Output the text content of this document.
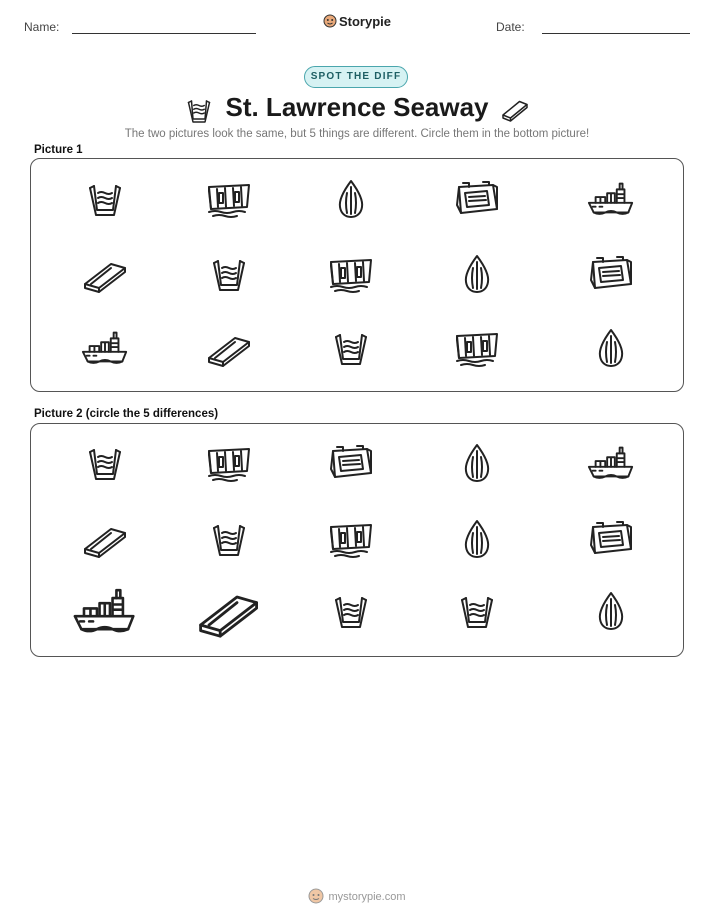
Name:	Storypie	Date:
SPOT THE DIFF
St. Lawrence Seaway
The two pictures look the same, but 5 things are different. Circle them in the bottom picture!
Picture 1
Picture 2 (circle the 5 differences)
mystorypie.com
